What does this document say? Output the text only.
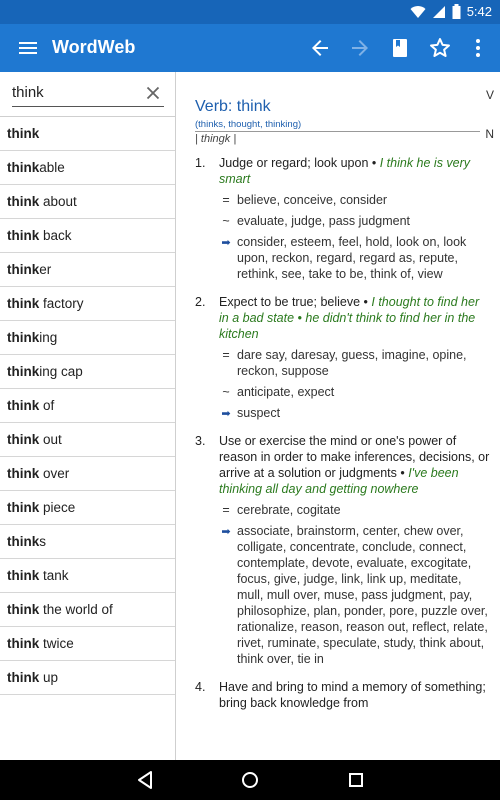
5:42
WordWeb
think
think
think able
think
about
think
back
think er
think
factory
think ing
think ing cap
think
of
think
out
think
over
think
piece
think s
think
tank
think
the world of
think
twice
think
up
V
N
Verb: think
(thinks, thought, thinking)
| thingk |
1. Judge or regard; look upon • I think he is very smart
= believe, conceive, consider
~ evaluate, judge, pass judgment
➡ consider, esteem, feel, hold, look on, look upon, reckon, regard, regard as, repute, rethink, see, take to be, think of, view
2. Expect to be true; believe • I thought to find her in a bad state • he didn't think to find her in the kitchen
= dare say, daresay, guess, imagine, opine, reckon, suppose
~ anticipate, expect
➡ suspect
3. Use or exercise the mind or one's power of reason in order to make inferences, decisions, or arrive at a solution or judgments • I've been thinking all day and getting nowhere
= cerebrate, cogitate
➡ associate, brainstorm, center, chew over, colligate, concentrate, conclude, connect, contemplate, devote, evaluate, excogitate, focus, give, judge, link, link up, meditate, mull, mull over, muse, pass judgment, pay, philosophize, plan, ponder, pore, puzzle over, rationalize, reason, reason out, reflect, relate, rivet, ruminate, speculate, study, think about, think over, tie in
4. Have and bring to mind a memory of something; bring back knowledge from
